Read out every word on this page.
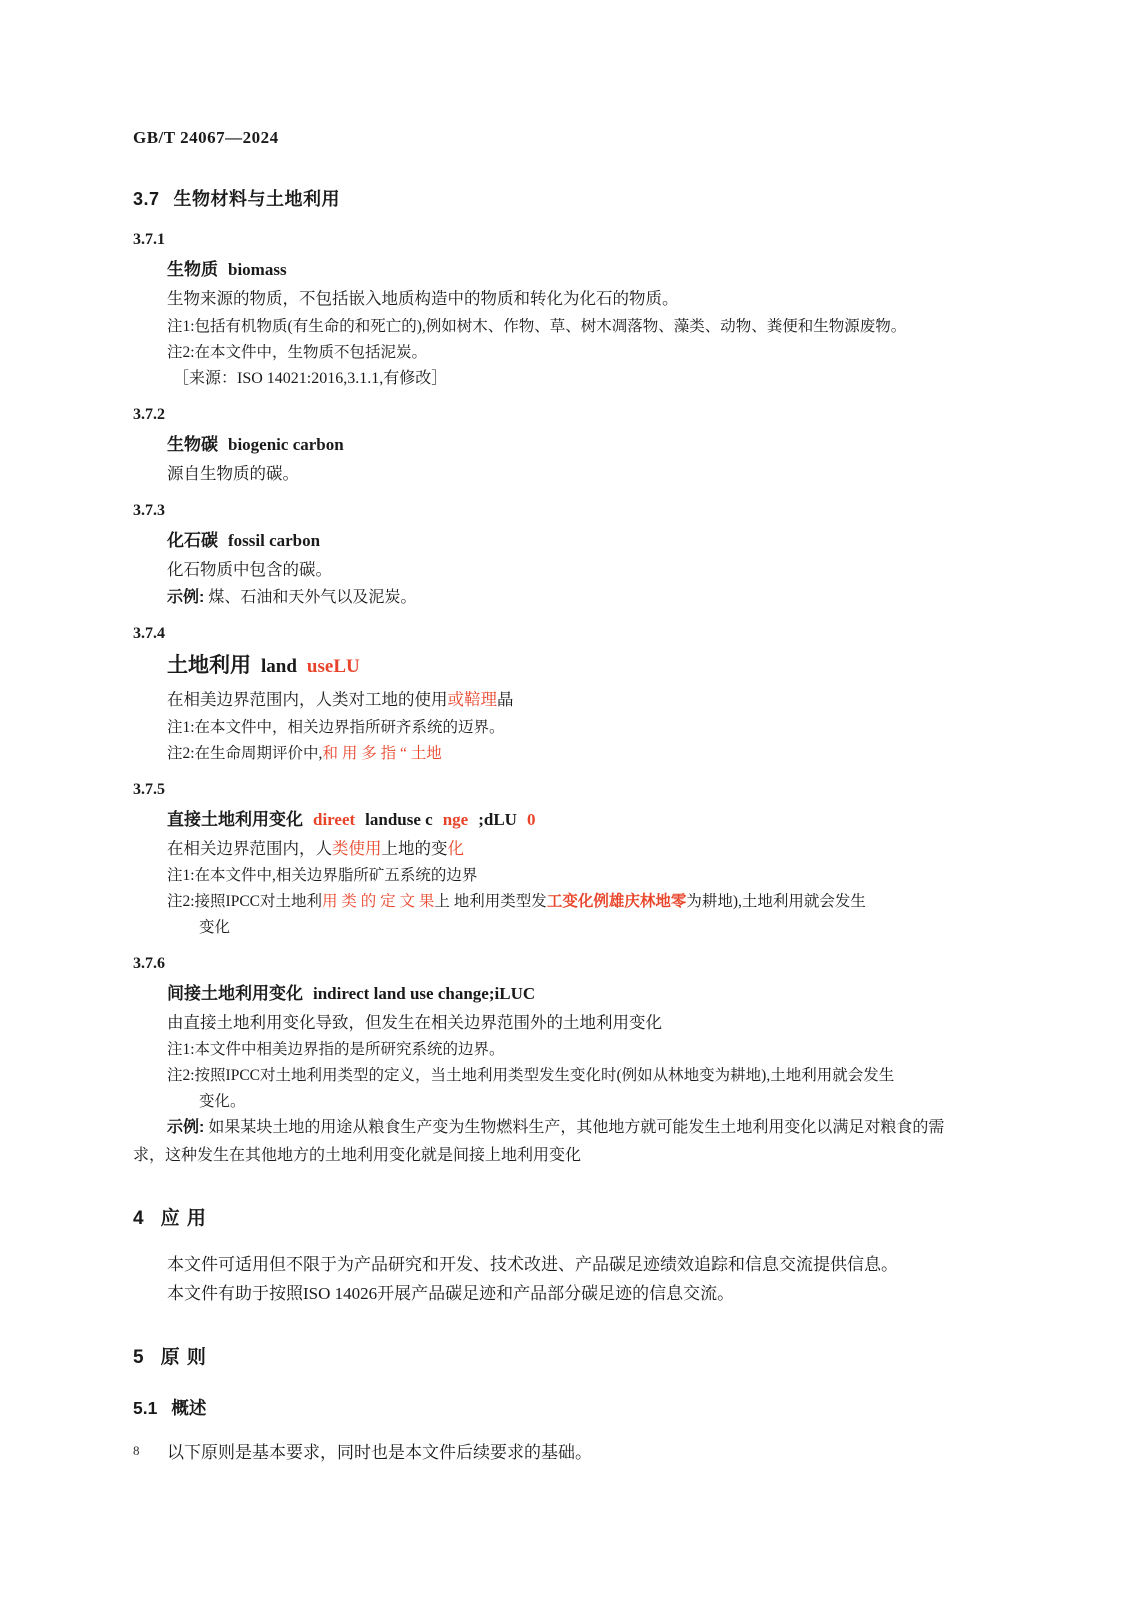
GB/T 24067—2024
3.7 生物材料与土地利用
3.7.1
生物质 biomass
生物来源的物质，不包括嵌入地质构造中的物质和转化为化石的物质。
注1:包括有机物质(有生命的和死亡的),例如树木、作物、草、树木凋落物、藻类、动物、粪便和生物源废物。
注2:在本文件中，生物质不包括泥炭。
［来源：ISO 14021:2016,3.1.1,有修改］
3.7.2
生物碳 biogenic carbon
源自生物质的碳。
3.7.3
化石碳 fossil carbon
化石物质中包含的碳。
示例: 煤、石油和天外气以及泥炭。
3.7.4
土地利用 land useLU
在相美边界范围内，人类对工地的使用或鞛理晶
注1:在本文件中，相关边界指所研齐系统的迈界。
注2:在生命周期评价中,和 用 多 指 “ 土地
3.7.5
直接土地利用变化 direet landuse c nge ;dLU 0
在相关边界范围内，人类使用上地的变化
注1:在本文件中,相关边界脂所矿五系统的边界
注2:接照IPCC对土地利用 类 的 定 文 果上 地利用类型发工变化例雄庆林地零为耕地),土地利用就会发生
变化
3.7.6
间接土地利用变化 indirect land use change;iLUC
由直接土地利用变化导致，但发生在相关边界范围外的土地利用变化
注1:本文件中相美边界指的是所研究系统的边界。
注2:按照IPCC对土地利用类型的定义，当土地利用类型发生变化时(例如从林地变为耕地),土地利用就会发生
变化。
示例: 如果某块土地的用途从粮食生产变为生物燃料生产，其他地方就可能发生土地利用变化以满足对粮食的需
求，这种发生在其他地方的土地利用变化就是间接上地利用变化
4 应 用
本文件可适用但不限于为产品研究和开发、技术改进、产品碳足迹绩效追踪和信息交流提供信息。
本文件有助于按照ISO 14026开展产品碳足迹和产品部分碳足迹的信息交流。
5 原 则
5.1 概述
以下原则是基本要求，同时也是本文件后续要求的基础。
8
